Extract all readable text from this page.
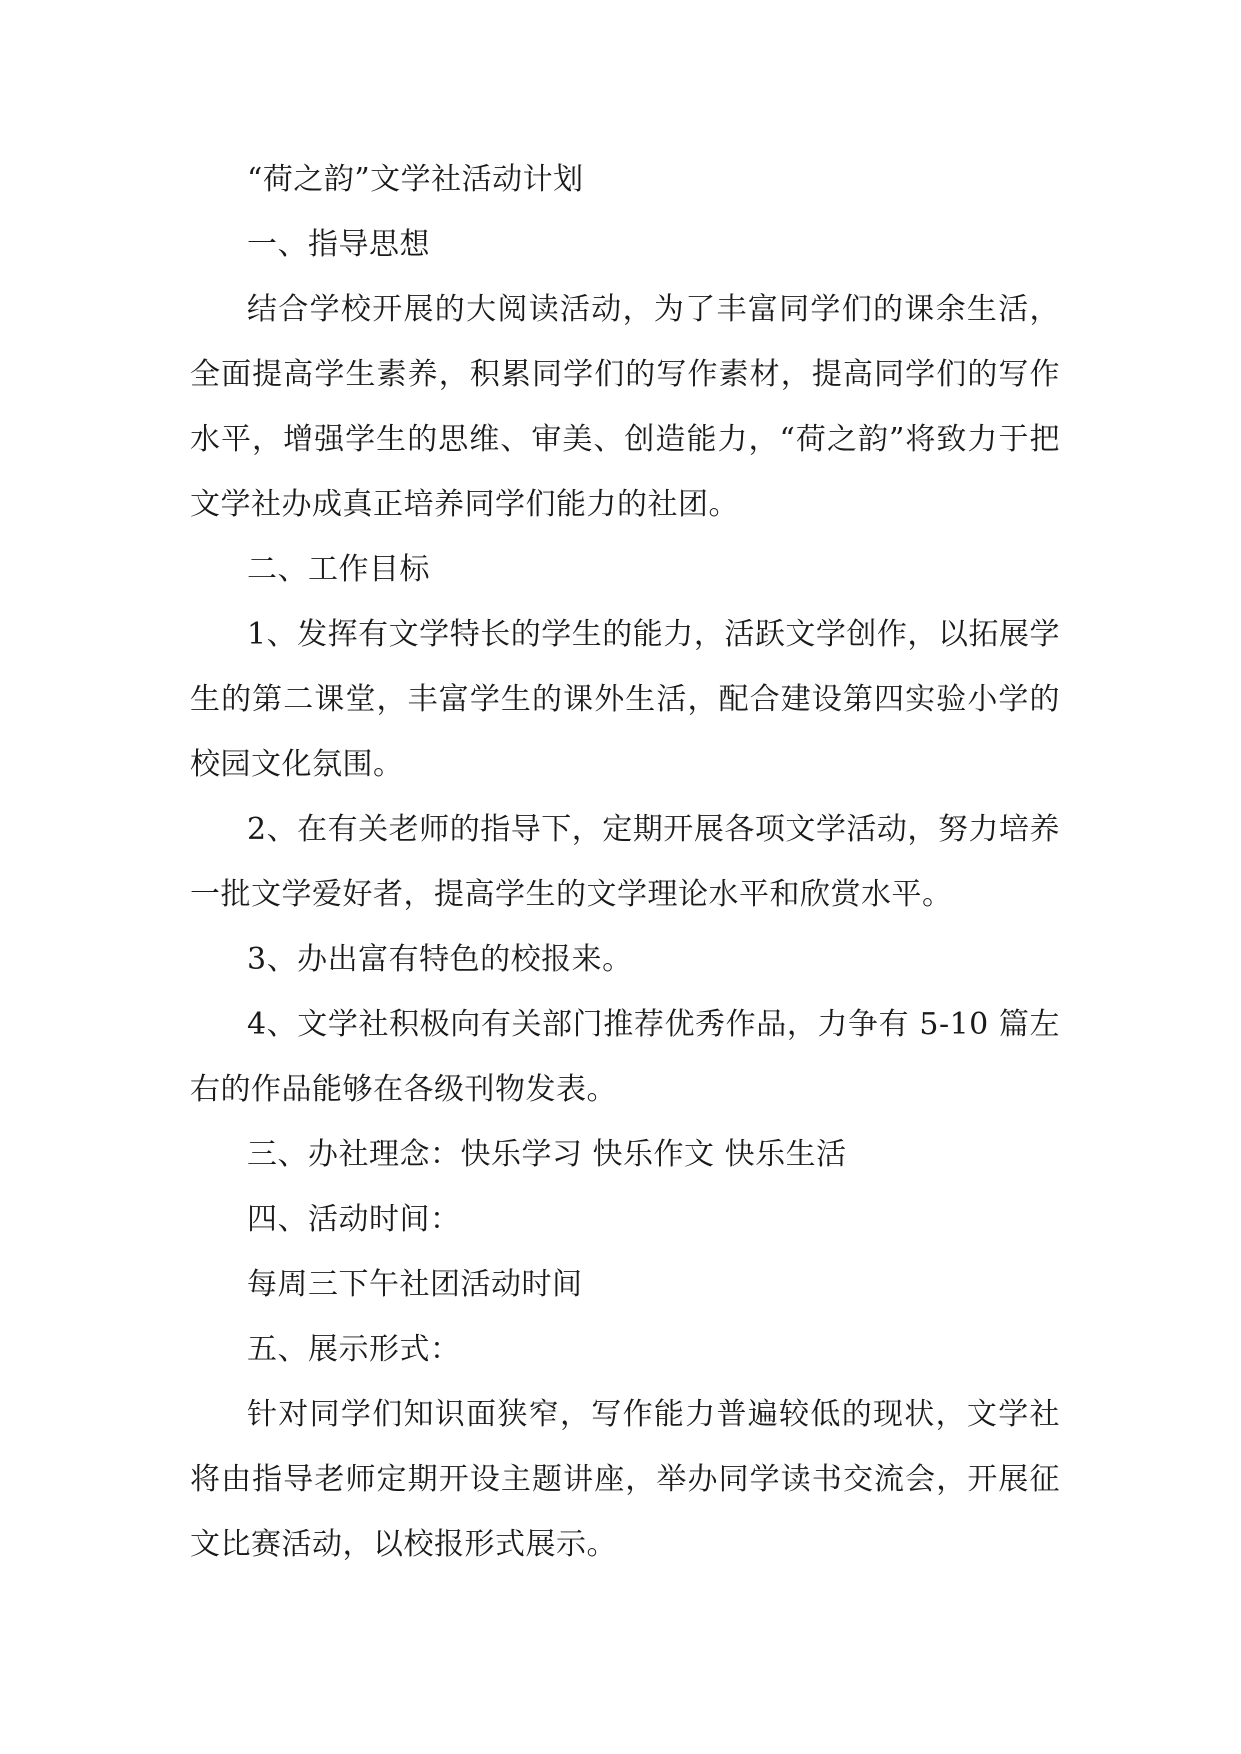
“荷之韵”文学社活动计划

一、指导思想

结合学校开展的大阅读活动，为了丰富同学们的课余生活，全面提高学生素养，积累同学们的写作素材，提高同学们的写作水平，增强学生的思维、审美、创造能力，“荷之韵”将致力于把文学社办成真正培养同学们能力的社团。

二、工作目标

1、发挥有文学特长的学生的能力，活跃文学创作，以拓展学生的第二课堂，丰富学生的课外生活，配合建设第四实验小学的校园文化氛围。

2、在有关老师的指导下，定期开展各项文学活动，努力培养一批文学爱好者，提高学生的文学理论水平和欣赏水平。

3、办出富有特色的校报来。

4、文学社积极向有关部门推荐优秀作品，力争有 5-10 篇左右的作品能够在各级刊物发表。

三、办社理念：快乐学习 快乐作文 快乐生活

四、活动时间：

每周三下午社团活动时间

五、展示形式：

针对同学们知识面狭窄，写作能力普遍较低的现状，文学社将由指导老师定期开设主题讲座，举办同学读书交流会，开展征文比赛活动，以校报形式展示。
